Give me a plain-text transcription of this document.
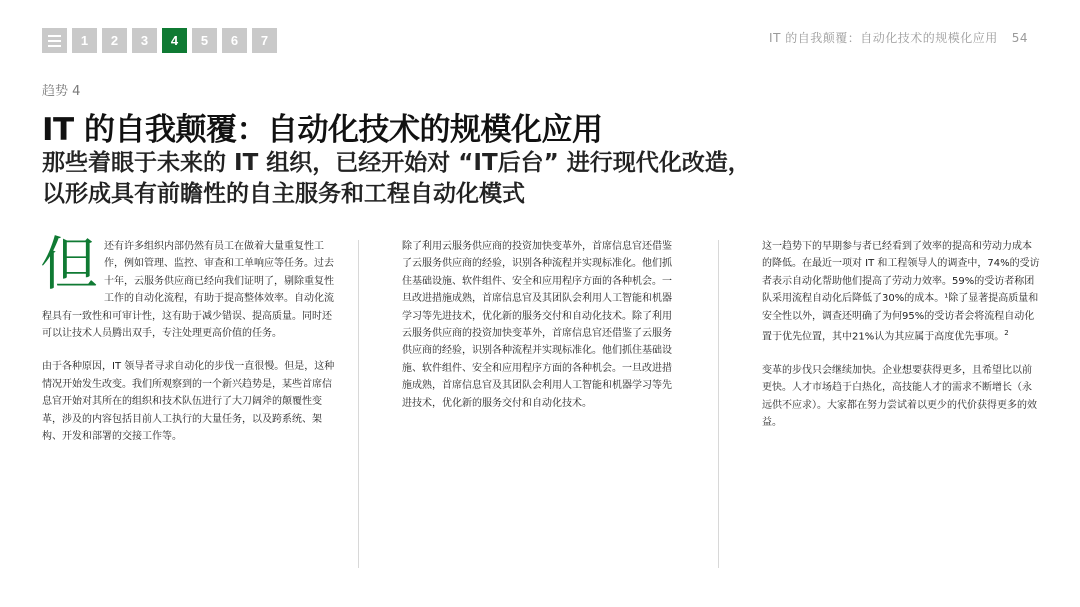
1	2	3	4	5	6	7	IT 的自我颠覆：自动化技术的规模化应用 54
趋势 4
IT 的自我颠覆：自动化技术的规模化应用
那些着眼于未来的 IT 组织，已经开始对 “IT后台” 进行现代化改造，以形成具有前瞻性的自主服务和工程自动化模式

但还有许多组织内部仍然有员工在做着大量重复性工作，例如管理、监控、审查和工单响应等任务。过去十年，云服务供应商已经向我们证明了，剔除重复性工作的自动化流程，有助于提高整体效率。自动化流程具有一致性和可审计性，这有助于减少错误、提高质量。同时还可以让技术人员腾出双手，专注处理更高价值的任务。

由于各种原因，IT 领导者寻求自动化的步伐一直很慢。但是，这种情况开始发生改变。我们所观察到的一个新兴趋势是，某些首席信息官开始对其所在的组织和技术队伍进行了大刀阔斧的颠覆性变革，涉及的内容包括目前人工执行的大量任务，以及跨系统、架构、开发和部署的交接工作等。

除了利用云服务供应商的投资加快变革外，首席信息官还借鉴了云服务供应商的经验，识别各种流程并实现标准化。他们抓住基础设施、软件组件、安全和应用程序方面的各种机会。一旦改进措施成熟，首席信息官及其团队会利用人工智能和机器学习等先进技术，优化新的服务交付和自动化技术。除了利用云服务供应商的投资加快变革外，首席信息官还借鉴了云服务供应商的经验，识别各种流程并实现标准化。他们抓住基础设施、软件组件、安全和应用程序方面的各种机会。一旦改进措施成熟，首席信息官及其团队会利用人工智能和机器学习等先进技术，优化新的服务交付和自动化技术。

这一趋势下的早期参与者已经看到了效率的提高和劳动力成本的降低。在最近一项对 IT 和工程领导人的调查中，74%的受访者表示自动化帮助他们提高了劳动力效率。59%的受访者称团队采用流程自动化后降低了30%的成本。¹除了显著提高质量和安全性以外，调查还明确了为何95%的受访者会将流程自动化置于优先位置，其中21%认为其应属于高度优先事项。$^2$

变革的步伐只会继续加快。企业想要获得更多，且希望比以前更快。人才市场趋于白热化，高技能人才的需求不断增长（永远供不应求）。大家都在努力尝试着以更少的代价获得更多的效益。
